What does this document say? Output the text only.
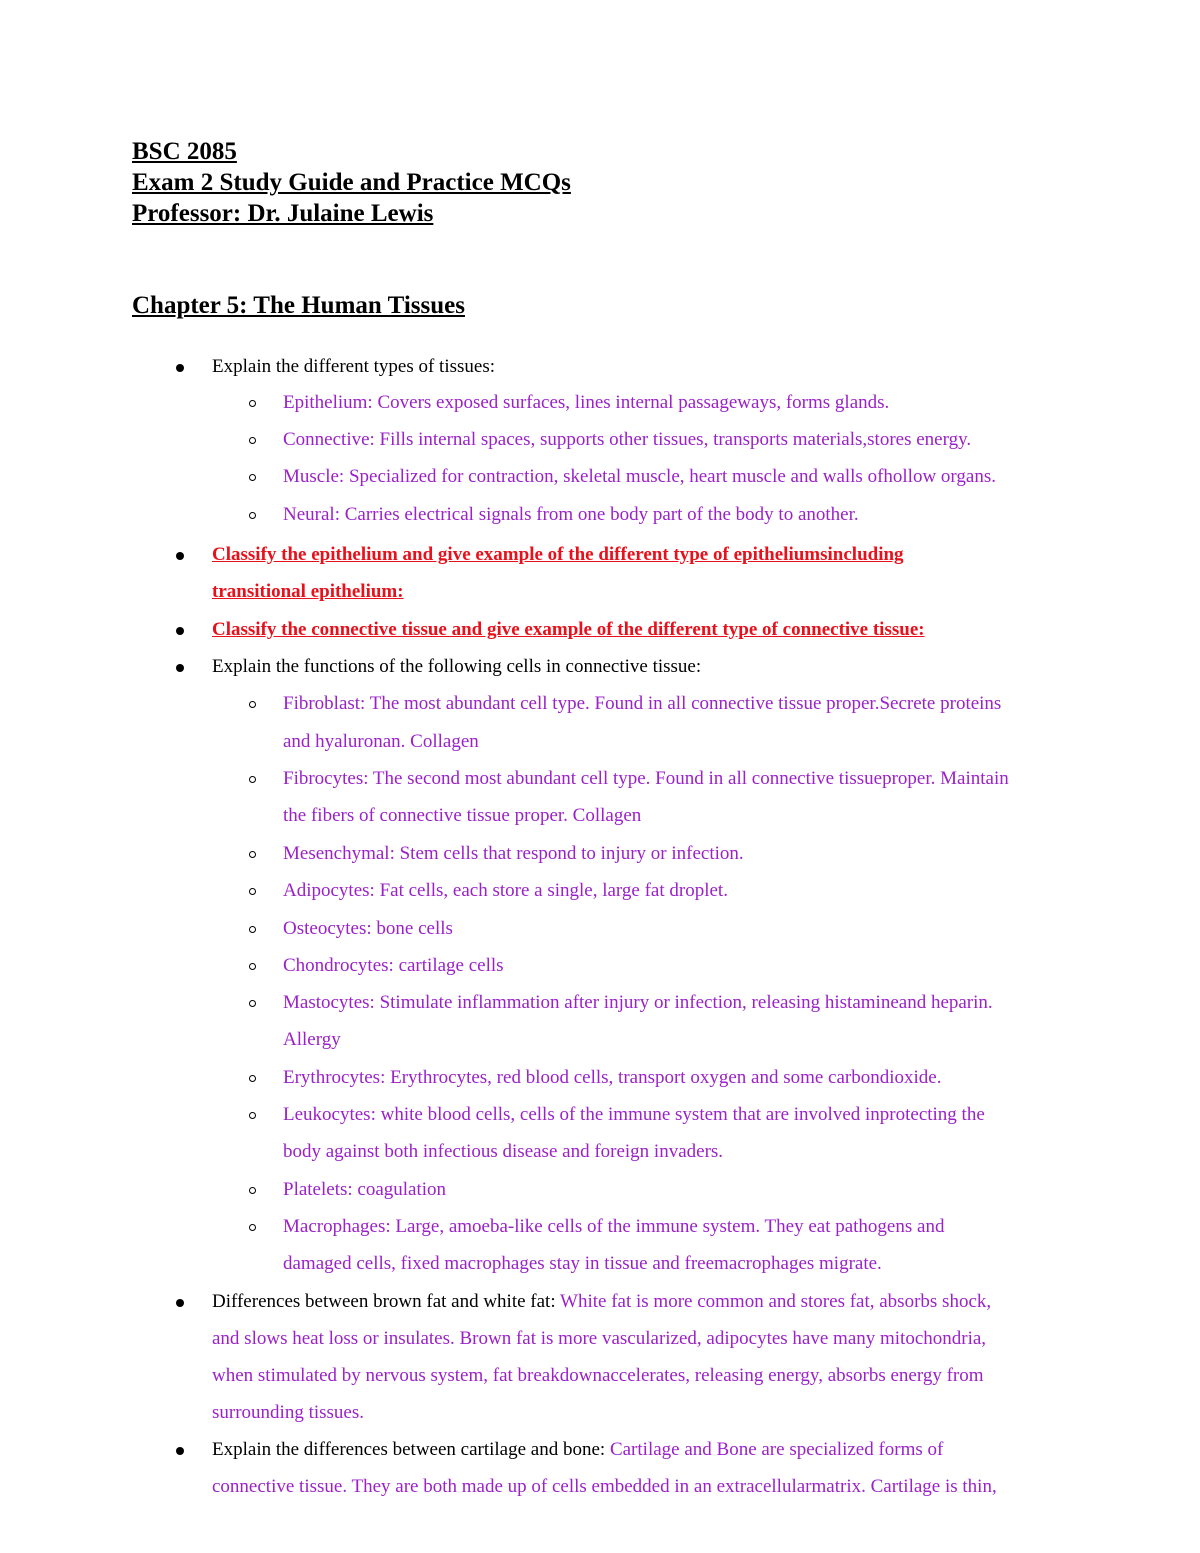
BSC 2085
Exam 2 Study Guide and Practice MCQs
Professor: Dr. Julaine Lewis
Chapter 5: The Human Tissues
Explain the different types of tissues:
Epithelium: Covers exposed surfaces, lines internal passageways, forms glands.
Connective: Fills internal spaces, supports other tissues, transports materials,stores energy.
Muscle: Specialized for contraction, skeletal muscle, heart muscle and walls ofhollow organs.
Neural: Carries electrical signals from one body part of the body to another.
Classify the epithelium and give example of the different type of epitheliumsincluding
transitional epithelium:
Classify the connective tissue and give example of the different type of connective tissue:
Explain the functions of the following cells in connective tissue:
Fibroblast: The most abundant cell type. Found in all connective tissue proper.Secrete proteins
and hyaluronan. Collagen
Fibrocytes: The second most abundant cell type. Found in all connective tissueproper. Maintain
the fibers of connective tissue proper. Collagen
Mesenchymal: Stem cells that respond to injury or infection.
Adipocytes: Fat cells, each store a single, large fat droplet.
Osteocytes: bone cells
Chondrocytes: cartilage cells
Mastocytes: Stimulate inflammation after injury or infection, releasing histamineand heparin.
Allergy
Erythrocytes: Erythrocytes, red blood cells, transport oxygen and some carbondioxide.
Leukocytes: white blood cells, cells of the immune system that are involved inprotecting the
body against both infectious disease and foreign invaders.
Platelets: coagulation
Macrophages: Large, amoeba-like cells of the immune system. They eat pathogens and
damaged cells, fixed macrophages stay in tissue and freemacrophages migrate.
Differences between brown fat and white fat: White fat is more common and stores fat, absorbs shock,
and slows heat loss or insulates. Brown fat is more vascularized, adipocytes have many mitochondria,
when stimulated by nervous system, fat breakdownaccelerates, releasing energy, absorbs energy from
surrounding tissues.
Explain the differences between cartilage and bone: Cartilage and Bone are specialized forms of
connective tissue. They are both made up of cells embedded in an extracellularmatrix. Cartilage is thin,
